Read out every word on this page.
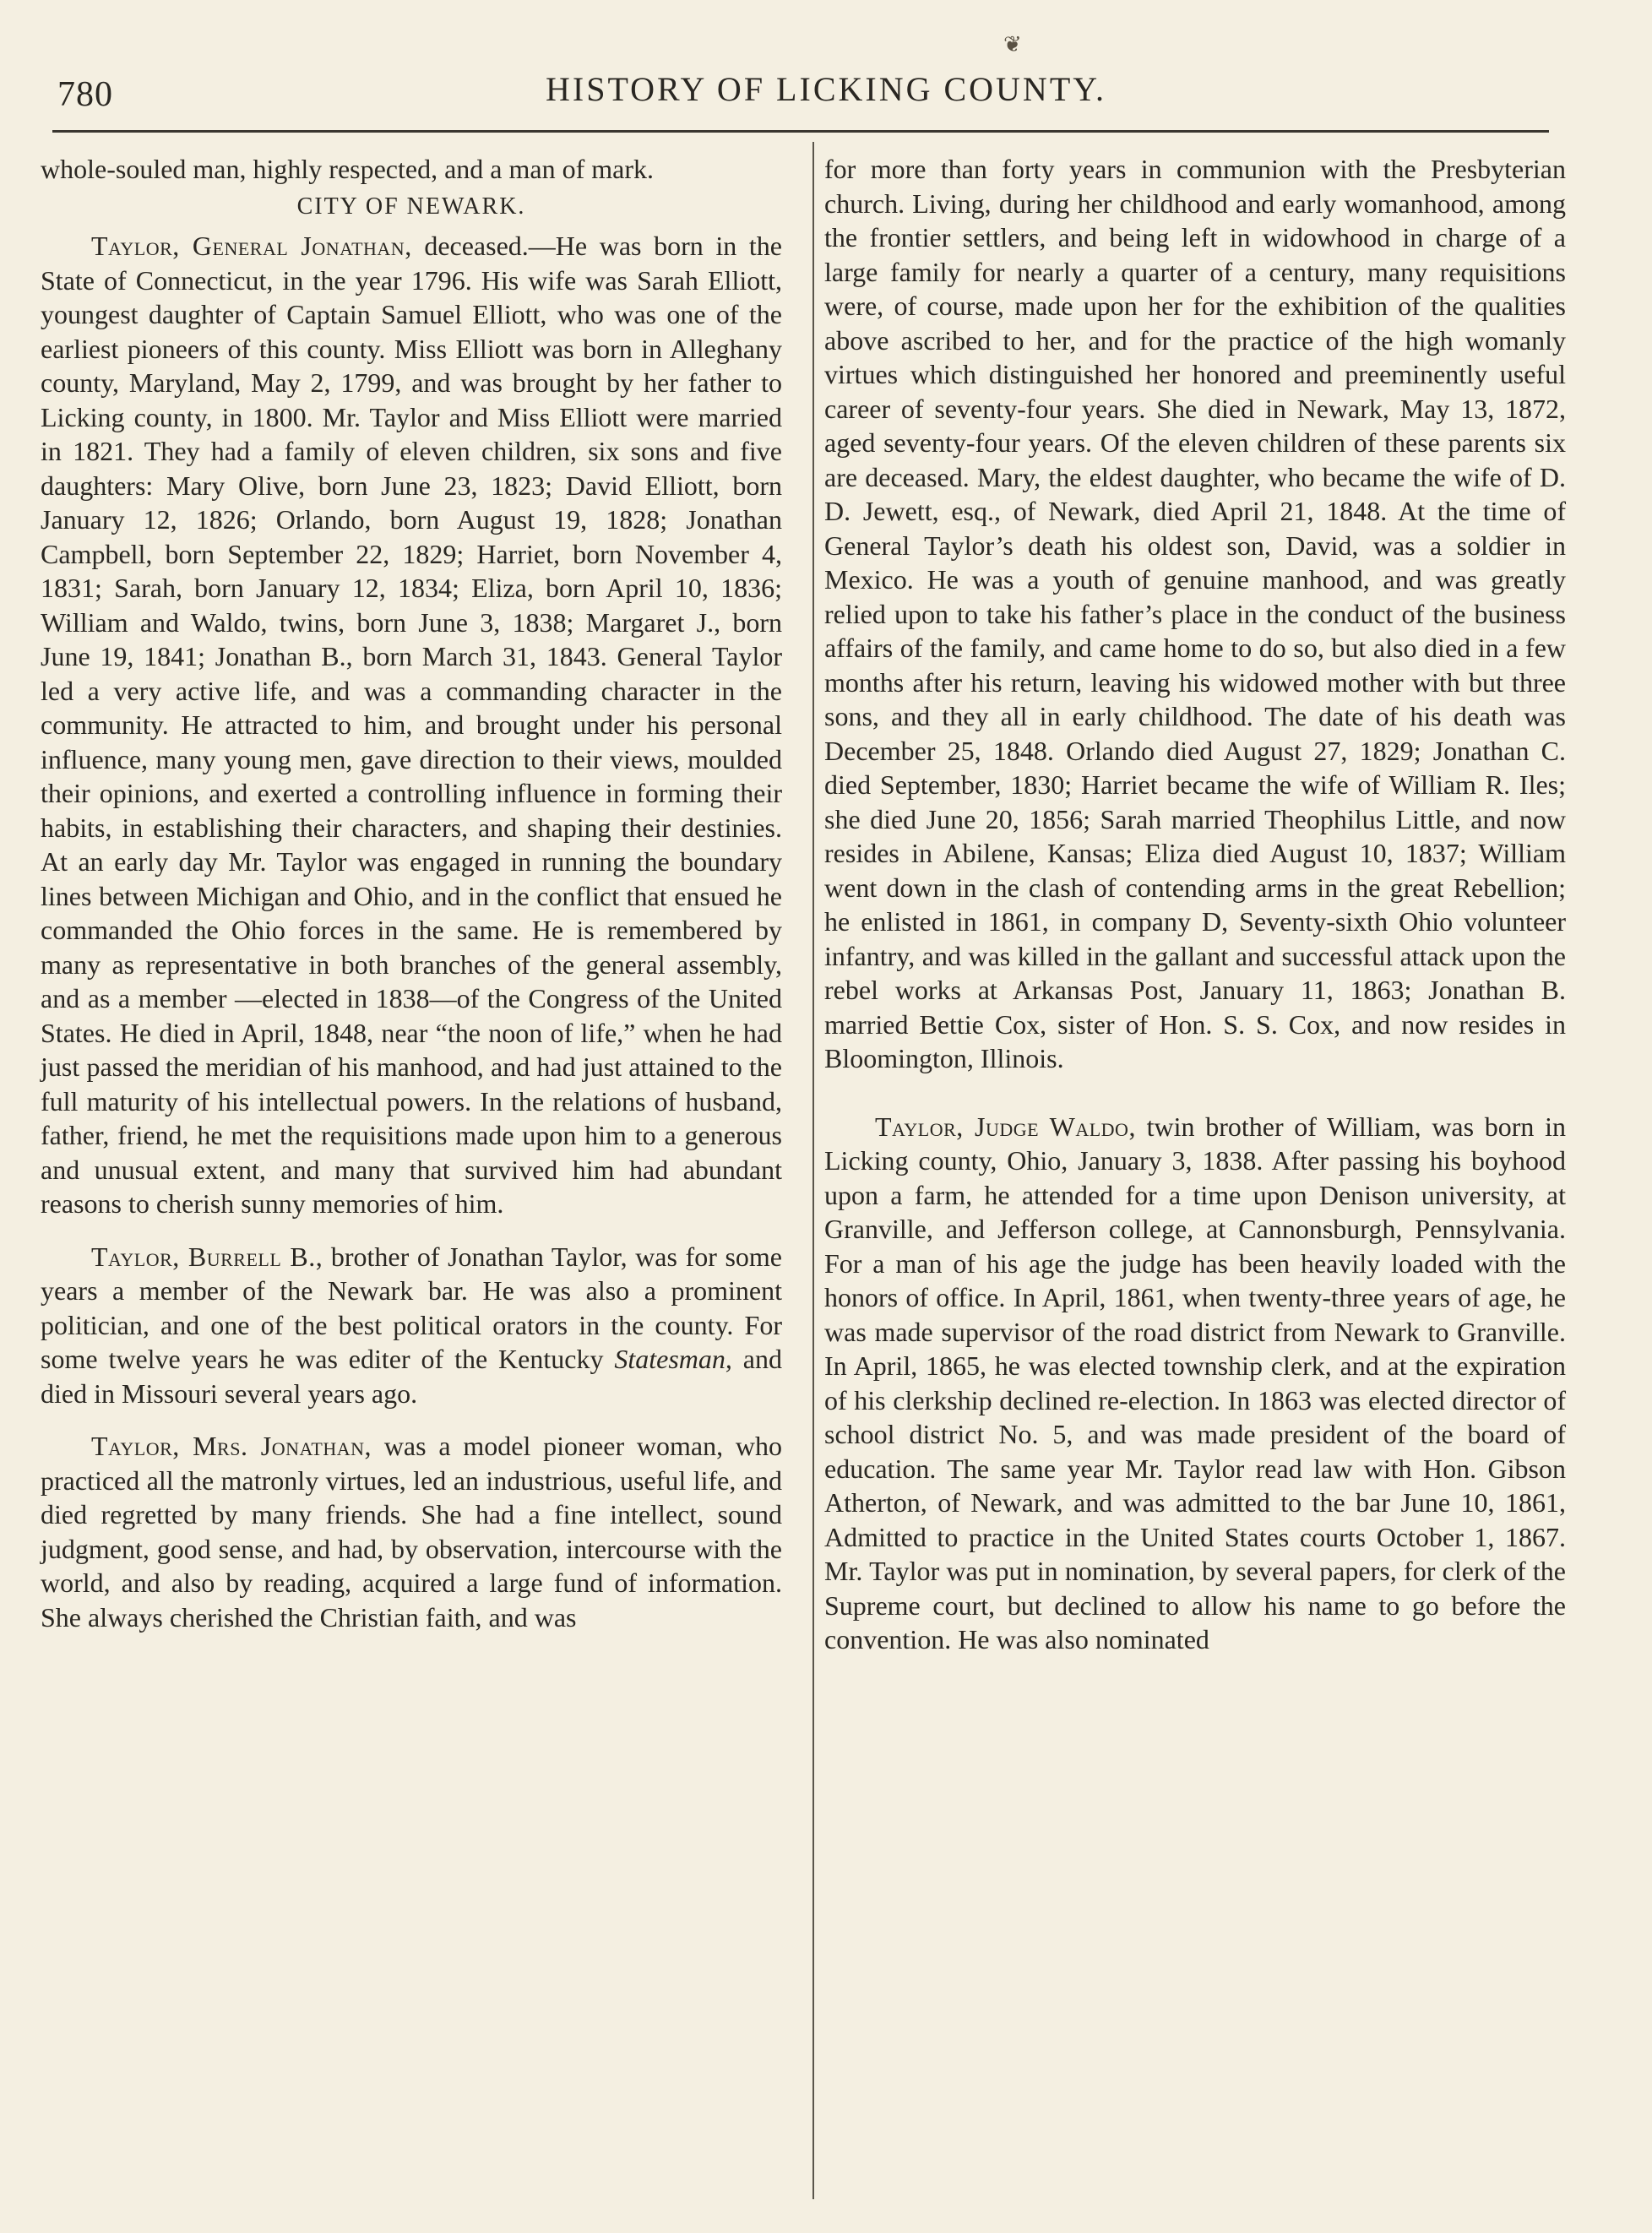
780	HISTORY OF LICKING COUNTY.
❦

whole-souled man, highly respected, and a man of mark.

CITY OF NEWARK.

Taylor, General Jonathan, deceased.—He was born in the State of Connecticut, in the year 1796. His wife was Sarah Elliott, youngest daughter of Captain Samuel Elliott, who was one of the earliest pioneers of this county. Miss Elliott was born in Alleghany county, Maryland, May 2, 1799, and was brought by her father to Licking county, in 1800. Mr. Taylor and Miss Elliott were married in 1821. They had a family of eleven children, six sons and five daughters: Mary Olive, born June 23, 1823; David Elliott, born January 12, 1826; Orlando, born August 19, 1828; Jonathan Campbell, born September 22, 1829; Harriet, born November 4, 1831; Sarah, born January 12, 1834; Eliza, born April 10, 1836; William and Waldo, twins, born June 3, 1838; Margaret J., born June 19, 1841; Jonathan B., born March 31, 1843. General Taylor led a very active life, and was a commanding character in the community. He attracted to him, and brought under his personal influence, many young men, gave direction to their views, moulded their opinions, and exerted a controlling influence in forming their habits, in establishing their characters, and shaping their destinies. At an early day Mr. Taylor was engaged in running the boundary lines between Michigan and Ohio, and in the conflict that ensued he commanded the Ohio forces in the same. He is remembered by many as representative in both branches of the general assembly, and as a member —elected in 1838—of the Congress of the United States. He died in April, 1848, near “the noon of life,” when he had just passed the meridian of his manhood, and had just attained to the full maturity of his intellectual powers. In the relations of husband, father, friend, he met the requisitions made upon him to a generous and unusual extent, and many that survived him had abundant reasons to cherish sunny memories of him.

Taylor, Burrell B., brother of Jonathan Taylor, was for some years a member of the Newark bar. He was also a prominent politician, and one of the best political orators in the county. For some twelve years he was editer of the Kentucky Statesman, and died in Missouri several years ago.

Taylor, Mrs. Jonathan, was a model pioneer woman, who practiced all the matronly virtues, led an industrious, useful life, and died regretted by many friends. She had a fine intellect, sound judgment, good sense, and had, by observation, intercourse with the world, and also by reading, acquired a large fund of information. She always cherished the Christian faith, and was

for more than forty years in communion with the Presbyterian church. Living, during her childhood and early womanhood, among the frontier settlers, and being left in widowhood in charge of a large family for nearly a quarter of a century, many requisitions were, of course, made upon her for the exhibition of the qualities above ascribed to her, and for the practice of the high womanly virtues which distinguished her honored and preeminently useful career of seventy-four years. She died in Newark, May 13, 1872, aged seventy-four years. Of the eleven children of these parents six are deceased. Mary, the eldest daughter, who became the wife of D. D. Jewett, esq., of Newark, died April 21, 1848. At the time of General Taylor’s death his oldest son, David, was a soldier in Mexico. He was a youth of genuine manhood, and was greatly relied upon to take his father’s place in the conduct of the business affairs of the family, and came home to do so, but also died in a few months after his return, leaving his widowed mother with but three sons, and they all in early childhood. The date of his death was December 25, 1848. Orlando died August 27, 1829; Jonathan C. died September, 1830; Harriet became the wife of William R. Iles; she died June 20, 1856; Sarah married Theophilus Little, and now resides in Abilene, Kansas; Eliza died August 10, 1837; William went down in the clash of contending arms in the great Rebellion; he enlisted in 1861, in company D, Seventy-sixth Ohio volunteer infantry, and was killed in the gallant and successful attack upon the rebel works at Arkansas Post, January 11, 1863; Jonathan B. married Bettie Cox, sister of Hon. S. S. Cox, and now resides in Bloomington, Illinois.

Taylor, Judge Waldo, twin brother of William, was born in Licking county, Ohio, January 3, 1838. After passing his boyhood upon a farm, he attended for a time upon Denison university, at Granville, and Jefferson college, at Cannonsburgh, Pennsylvania. For a man of his age the judge has been heavily loaded with the honors of office. In April, 1861, when twenty-three years of age, he was made supervisor of the road district from Newark to Granville. In April, 1865, he was elected township clerk, and at the expiration of his clerkship declined re-election. In 1863 was elected director of school district No. 5, and was made president of the board of education. The same year Mr. Taylor read law with Hon. Gibson Atherton, of Newark, and was admitted to the bar June 10, 1861, Admitted to practice in the United States courts October 1, 1867. Mr. Taylor was put in nomination, by several papers, for clerk of the Supreme court, but declined to allow his name to go before the convention. He was also nominated
